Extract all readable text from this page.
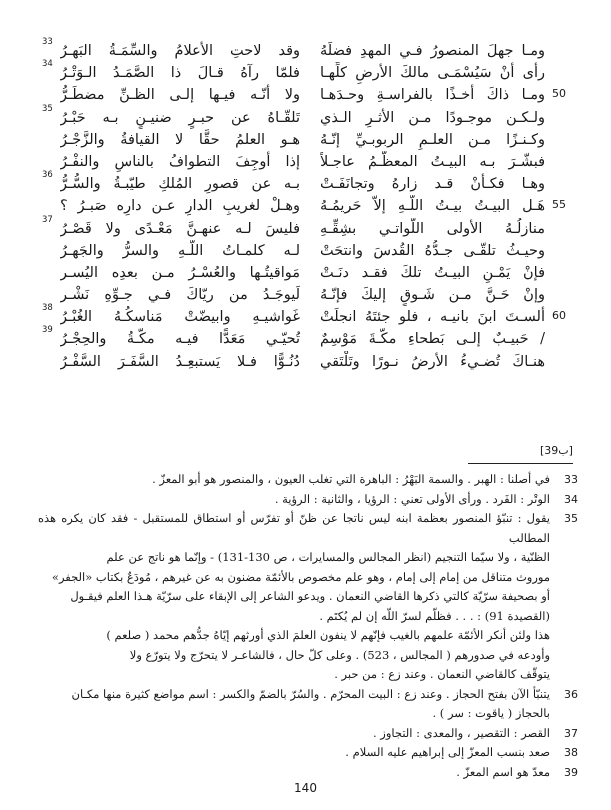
ومـا جهلَ المنصورُ فـي المهدِ فضلَهُ
وقد لاحتِ الأعلامُ والسِّمَـةُ البَهـرُ
33
رأى أنْ سَيُسْمَـى مالكَ الأرضِ كلِّهـا
فلمّا رآهُ قـالَ ذا الصَّمَـدُ الـوَتْـرُ
34
ومـا ذاكَ أخـذًا بالفراسـةِ وحـدَهـا
ولا أنّـه فيـها إلـى الظـنِّ مضطَـرُّ	50
ولـكـن موجـودًا مـن الأثـرِ الـذي
تَلقّـاهُ عن حبـرٍ ضنيـنٍ بـه حَبْـرُ
35
وكـنـزًا مـن العلـمِ الربوبـيِّ إنّـهُ
هـو العلمُ حقًّا لا القيافةُ والزَّجْـرُ
فبشّـرَ بـه البيـتُ المعظّـمُ عاجـلاً
إذا أُوجِفَ التطوافُ بالناسِ والنفْـرُ
وهـا فكـأنْ قـد زارهُ وتجانَفَـتْ
بـه عن قصورِ المُلكِ طيّبـةُ والسُّـرُّ
36
هَـل البيـتُ بيـتُ اللّـهِ إلاّ حَريمُـهُ
وهـلْ لغريبِ الدارِ عـن دارِه صَبـرُ ؟	55
منازلُـهُ الأولى اللّواتـي بشِقِّـهِ
فليسَ لـه عنهـنَّ مَعْـدًى ولا قَصْـرُ
37
وحيـثُ تلقّـى جـدُّهُ القُدسَ وانتحَتْ
لـه كلمـاتُ اللّـهِ والسرُّ والجَهـرُ
فإنْ يَمْـنِ البيـتُ تلكَ فقـد دنَـتْ
مَواقيتُـها والعُسْـرُ مـن بعدِه اليُسـر
وإنْ حَـنَّ مـن شَـوقٍ إليكَ فإنّـهُ
لَيوجَـدُ من ريّاكَ فـي جـوِّهِ نَشْـر
ألسـتَ ابنَ بانيـه ، فلو جئتَهُ انجلَتْ
غَواشيـهِ وابيضّتْ مَناسكُـهُ الغُبْـرُ
38
60
/ حَبيـبٌ إلـى بَطحاءِ مكّـةَ مَوْسِمٌ
تُحيّـي مَعَدًّا فيـه مكّـةُ والحِجْـرُ
39
هنـاكَ تُضـيءُ الأرضُ نـورًا وتَلْتَقي
دُنُـوًّا فـلا يَستبعِـدُ السَّفَـرَ السَّفْـرُ
[39ب]
33
في أصلنا : الهبر . والسمة البَهْرُ : الباهرة التي تغلب العيون ، والمنصور هو أبو المعزّ .
34
الوتْر : الفَرد . ورأى الأولى تعني : الرؤيا ، والثانية : الرؤية .
35
يقول : تنبّؤ المنصور بعظمة ابنه ليس ناتجا عن ظنّ أو تفرّس أو استطاق للمستقبل - فقد كان يكره هذه المطالب
الظنّية ، ولا سيّما التنجيم (انظر المجالس والمسايرات ، ص 130-131) - وإنّما هو ناتج عن علم
موروث متناقل من إمام إلى إمام ، وهو علم مخصوص بالأئمّة مضنون به عن غيرهم ، مُودَعٌ بكتاب «الجفر»
أو بصحيفة سرّيّة كالتي ذكرها القاضي النعمان . ويدعو الشاعر إلى الإبقاء على سرّيّة هـذا العلم فيقـول
(القصيدة 91) : . . . فظلّم لسرّ اللّه إن لم يُكتَم .
هذا ولئن أنكر الأئمّة علمهم بالغيب فإنّهم لا ينفون العلمَ الذي أورثهم إيّاهُ جدُّهم محمد ( صلعم )
وأودعه في صدورهم ( المجالس ، 523) . وعلى كلّ حال ، فالشاعـر لا يتحرّج ولا يتورّع ولا
يتوقّف كالقاضي النعمان . وعند زع : من حبر .
36
يتنبّأ الآن بفتح الحجاز . وعند زع : البيت المحرّم . والسُرّ بالضمّ والكسر : اسم مواضع كثيرة منها مكـان
بالحجاز ( ياقوت : سر ) .
37
القصر : التقصير ، والمعدى : التجاوز .
38
صعد بنسب المعزّ إلى إبراهيم عليه السلام .
39
معدّ هو اسم المعزّ .
140
